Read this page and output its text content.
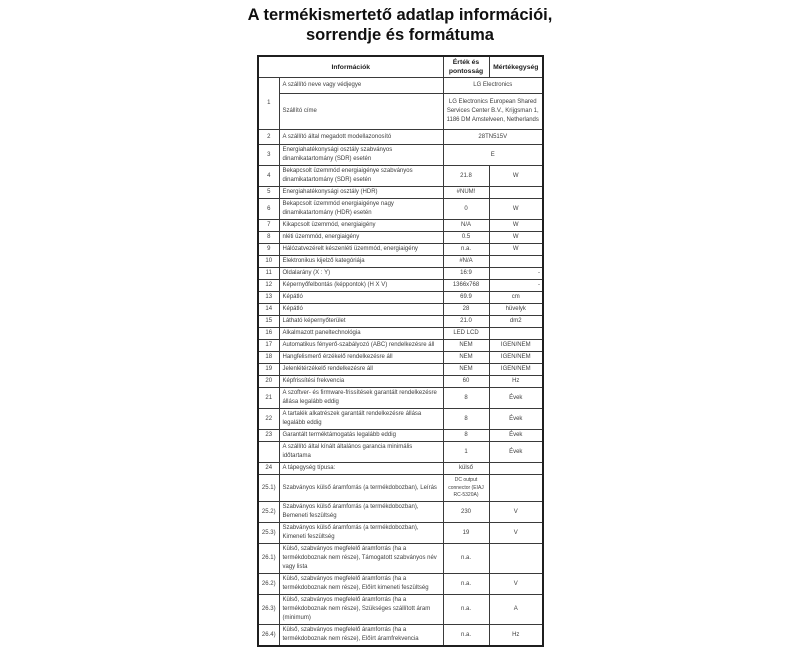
A termékismertető adatlap információi,
sorrendje és formátuma
Információk		Érték és pontosság	Mértékegység
1	A szállító neve vagy védjegye	LG Electronics	
	Szállító címe	LG Electronics European Shared Services Center B.V., Krijgsman 1, 1186 DM Amstelveen, Netherlands	
2	A szállító által megadott modellazonosító	28TN515V	
3	Energiahatékonysági osztály szabványos dinamikatartomány (SDR) esetén	E	
4	Bekapcsolt üzemmód energiaigénye szabványos dinamikatartomány (SDR) esetén	21.8	W
5	Energiahatékonysági osztály (HDR)	#NUM!	
6	Bekapcsolt üzemmód energiaigénye nagy dinamikatartomány (HDR) esetén	0	W
7	Kikapcsolt üzemmód, energiaigény	N/A	W
8	nléti üzemmód, energiaigény	0.5	W
9	Hálózatvezérelt készenléti üzemmód, energiaigény	n.a.	W
10	Elektronikus kijelző kategóriája	#N/A	
11	Oldalarány (X : Y)	16:9	-
12	Képernyőfelbontás (képpontok) (H X V)	1366x768	-
13	Képátló	69.9	cm
14	Képátló	28	hüvelyk
15	Látható képernyőterület	21.0	dm2
16	Alkalmazott paneltechnológia	LED LCD	
17	Automatikus fényerő-szabályozó (ABC) rendelkezésre áll	NEM	IGEN/NEM
18	Hangfelismerő érzékelő rendelkezésre áll	NEM	IGEN/NEM
19	Jelenlétérzékelő rendelkezésre áll	NEM	IGEN/NEM
20	Képfrissítési frekvencia	60	Hz
21	A szoftver- és firmware-frissítések garantált rendelkezésre állása legalább eddig	8	Évek
22	A tartalék alkatrészek garantált rendelkezésre állása legalább eddig	8	Évek
23	Garantált terméktámogatás legalább eddig	8	Évek
	A szállító által kínált általános garancia minimális időtartama	1	Évek
24	A tápegység típusa:	külső	
25.1)	Szabványos külső áramforrás (a termékdobozban), Leírás	DC output connector (EIAJ RC-5320A)	
25.2)	Szabványos külső áramforrás (a termékdobozban), Bemeneti feszültség	230	V
25.3)	Szabványos külső áramforrás (a termékdobozban), Kimeneti feszültség	19	V
26.1)	Külső, szabványos megfelelő áramforrás (ha a termékdoboznak nem része), Támogatott szabványos név vagy lista	n.a.	
26.2)	Külső, szabványos megfelelő áramforrás (ha a termékdoboznak nem része), Előírt kimeneti feszültség	n.a.	V
26.3)	Külső, szabványos megfelelő áramforrás (ha a termékdoboznak nem része), Szükséges szállított áram (minimum)	n.a.	A
26.4)	Külső, szabványos megfelelő áramforrás (ha a termékdoboznak nem része), Előírt áramfrekvencia	n.a.	Hz
